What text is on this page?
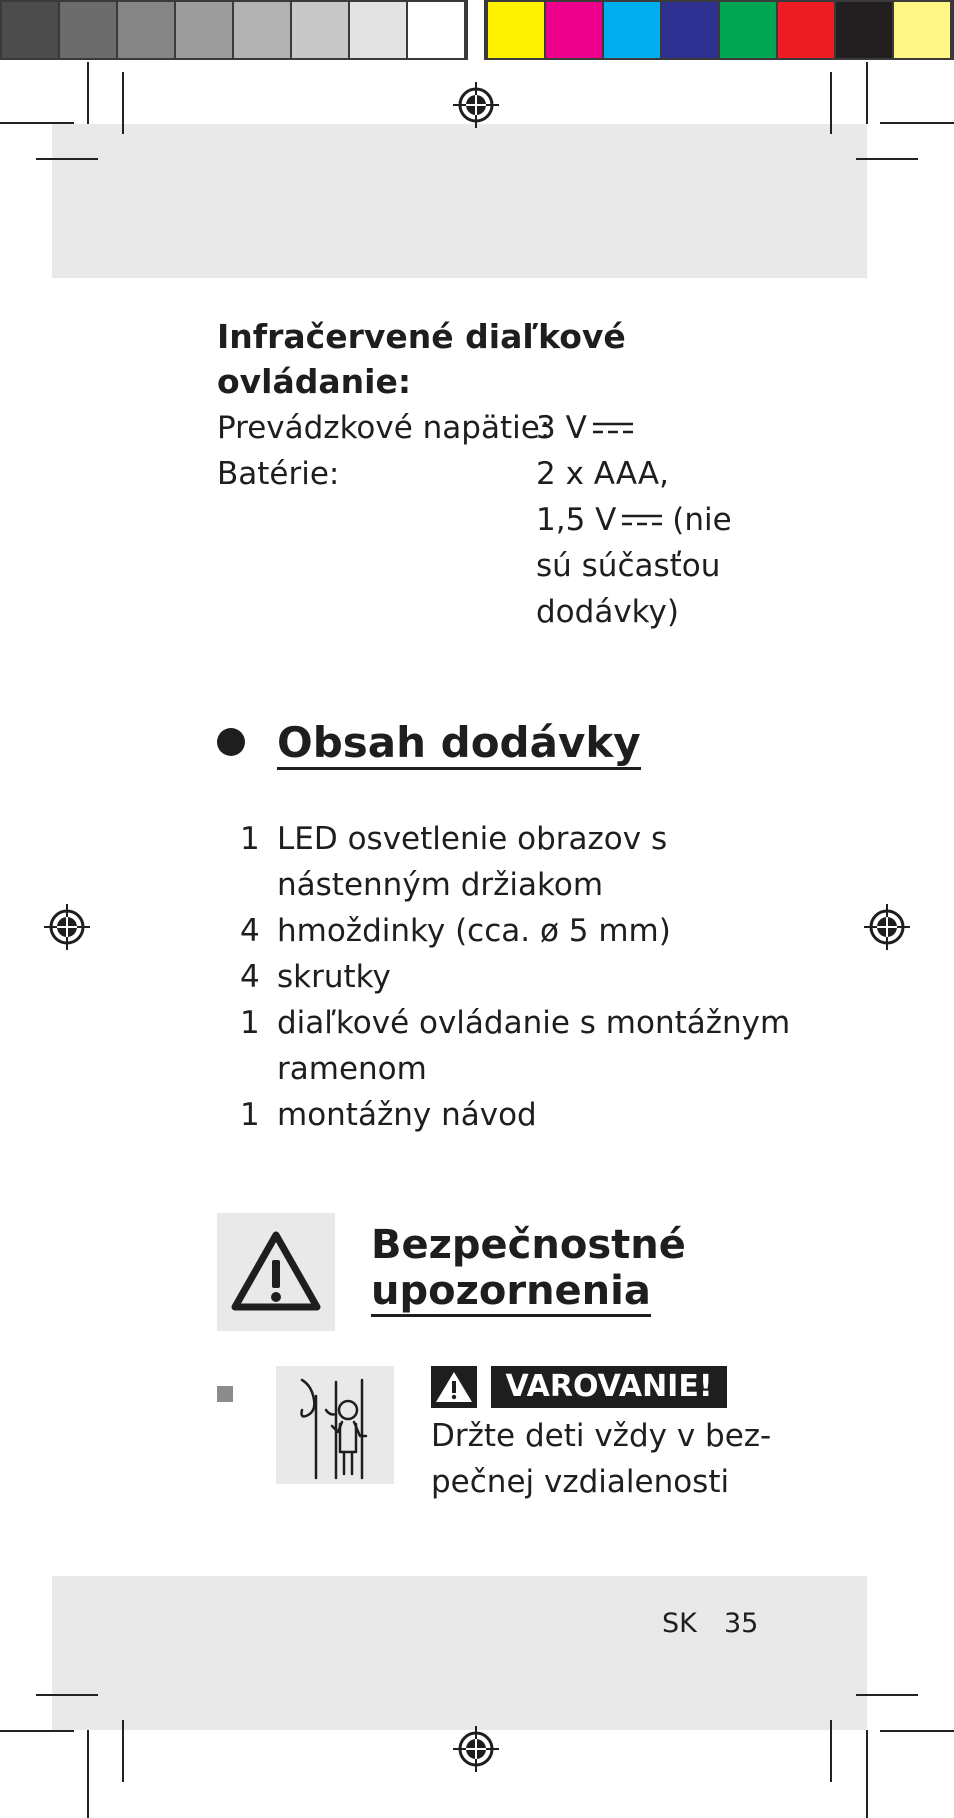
Infračervené diaľkové
ovládanie:
Prevádzkové napätie:
3 V
Batérie:	2 x AAA,
1,5 V (nie
sú súčasťou
dodávky)
Obsah dodávky
1 LED osvetlenie obrazov s
nástenným držiakom
4 hmoždinky (cca. ø 5 mm)
4 skrutky
1 diaľkové ovládanie s montážnym
ramenom
1 montážny návod
Bezpečnostné
upozornenia
VAROVANIE!
Držte deti vždy v bez-
pečnej vzdialenosti
SK 35
